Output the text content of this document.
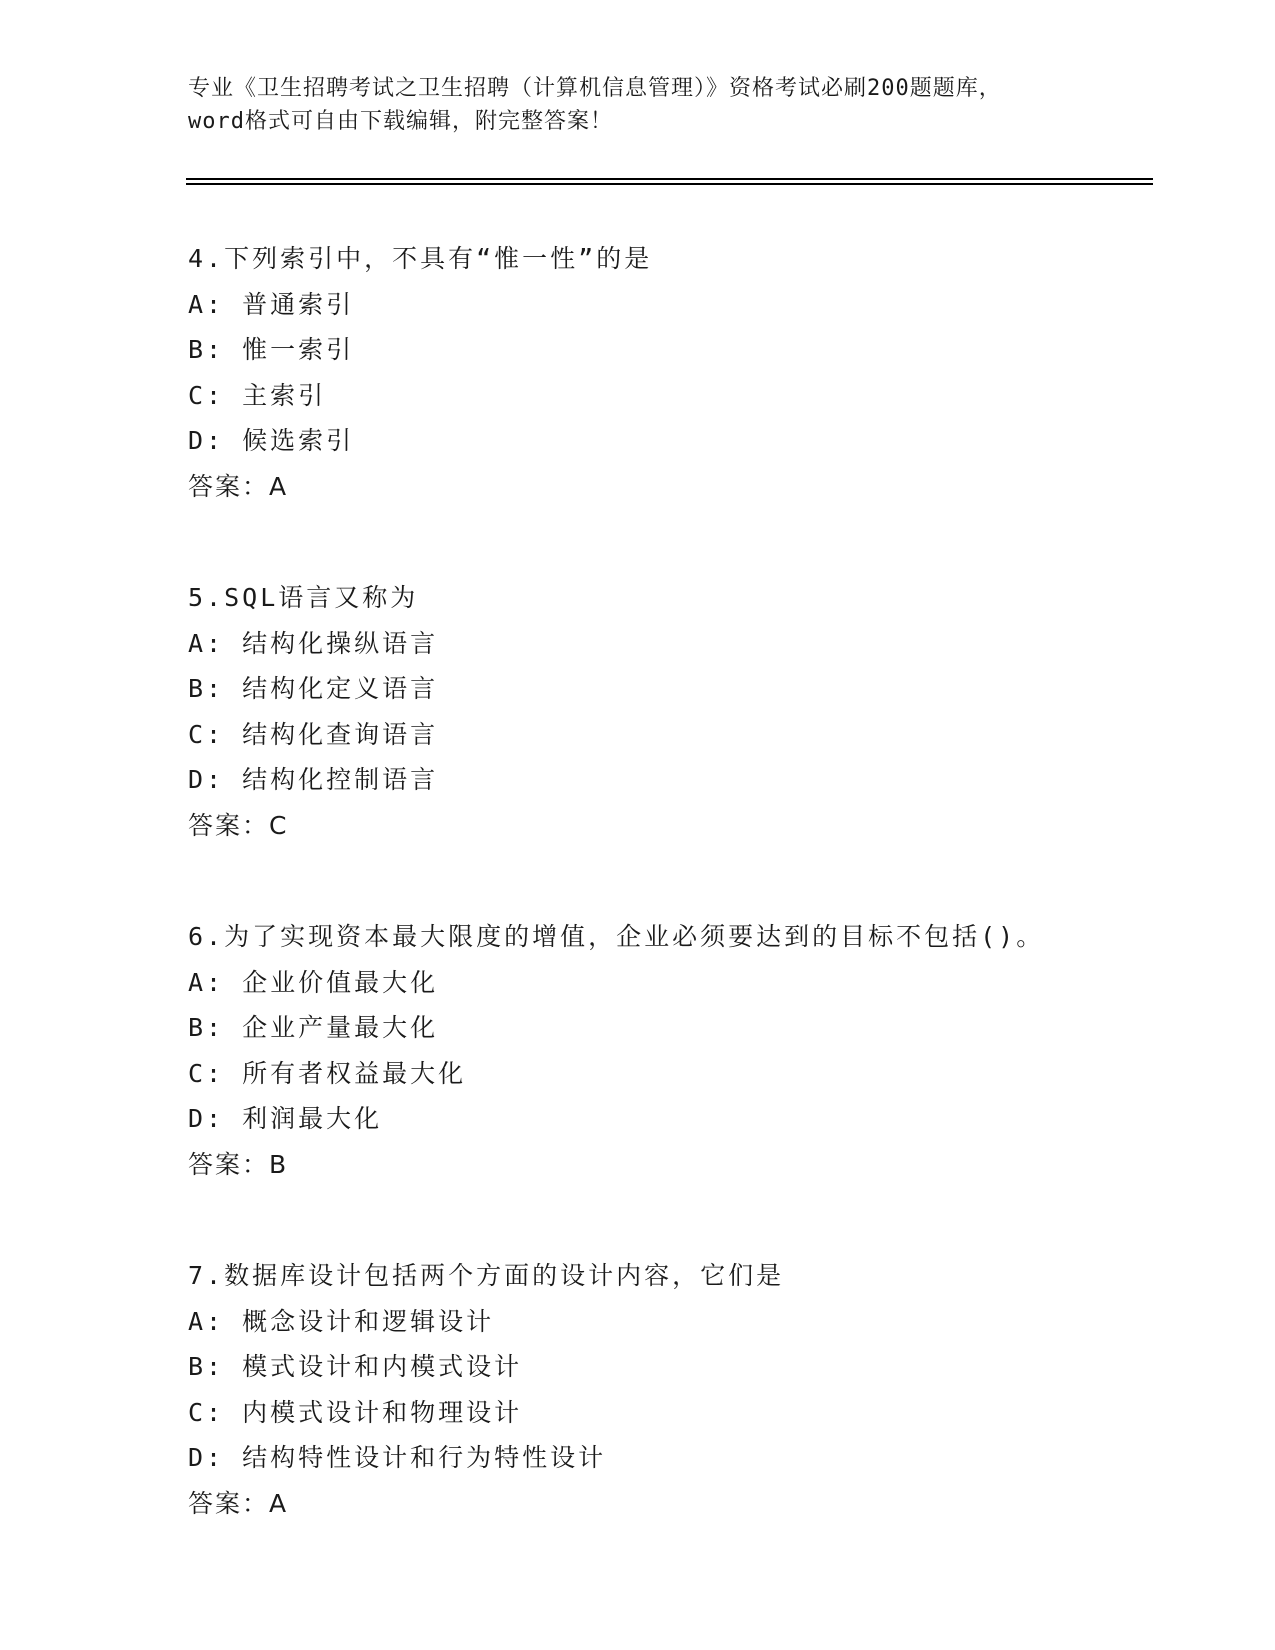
专业《卫生招聘考试之卫生招聘（计算机信息管理）》资格考试必刷200题题库，
word格式可自由下载编辑，附完整答案！
4.下列索引中，不具有“惟一性”的是
A: 普通索引
B: 惟一索引
C: 主索引
D: 候选索引
答案：A
5.SQL语言又称为
A: 结构化操纵语言
B: 结构化定义语言
C: 结构化查询语言
D: 结构化控制语言
答案：C
6.为了实现资本最大限度的增值，企业必须要达到的目标不包括()。
A: 企业价值最大化
B: 企业产量最大化
C: 所有者权益最大化
D: 利润最大化
答案：B
7.数据库设计包括两个方面的设计内容，它们是
A: 概念设计和逻辑设计
B: 模式设计和内模式设计
C: 内模式设计和物理设计
D: 结构特性设计和行为特性设计
答案：A
